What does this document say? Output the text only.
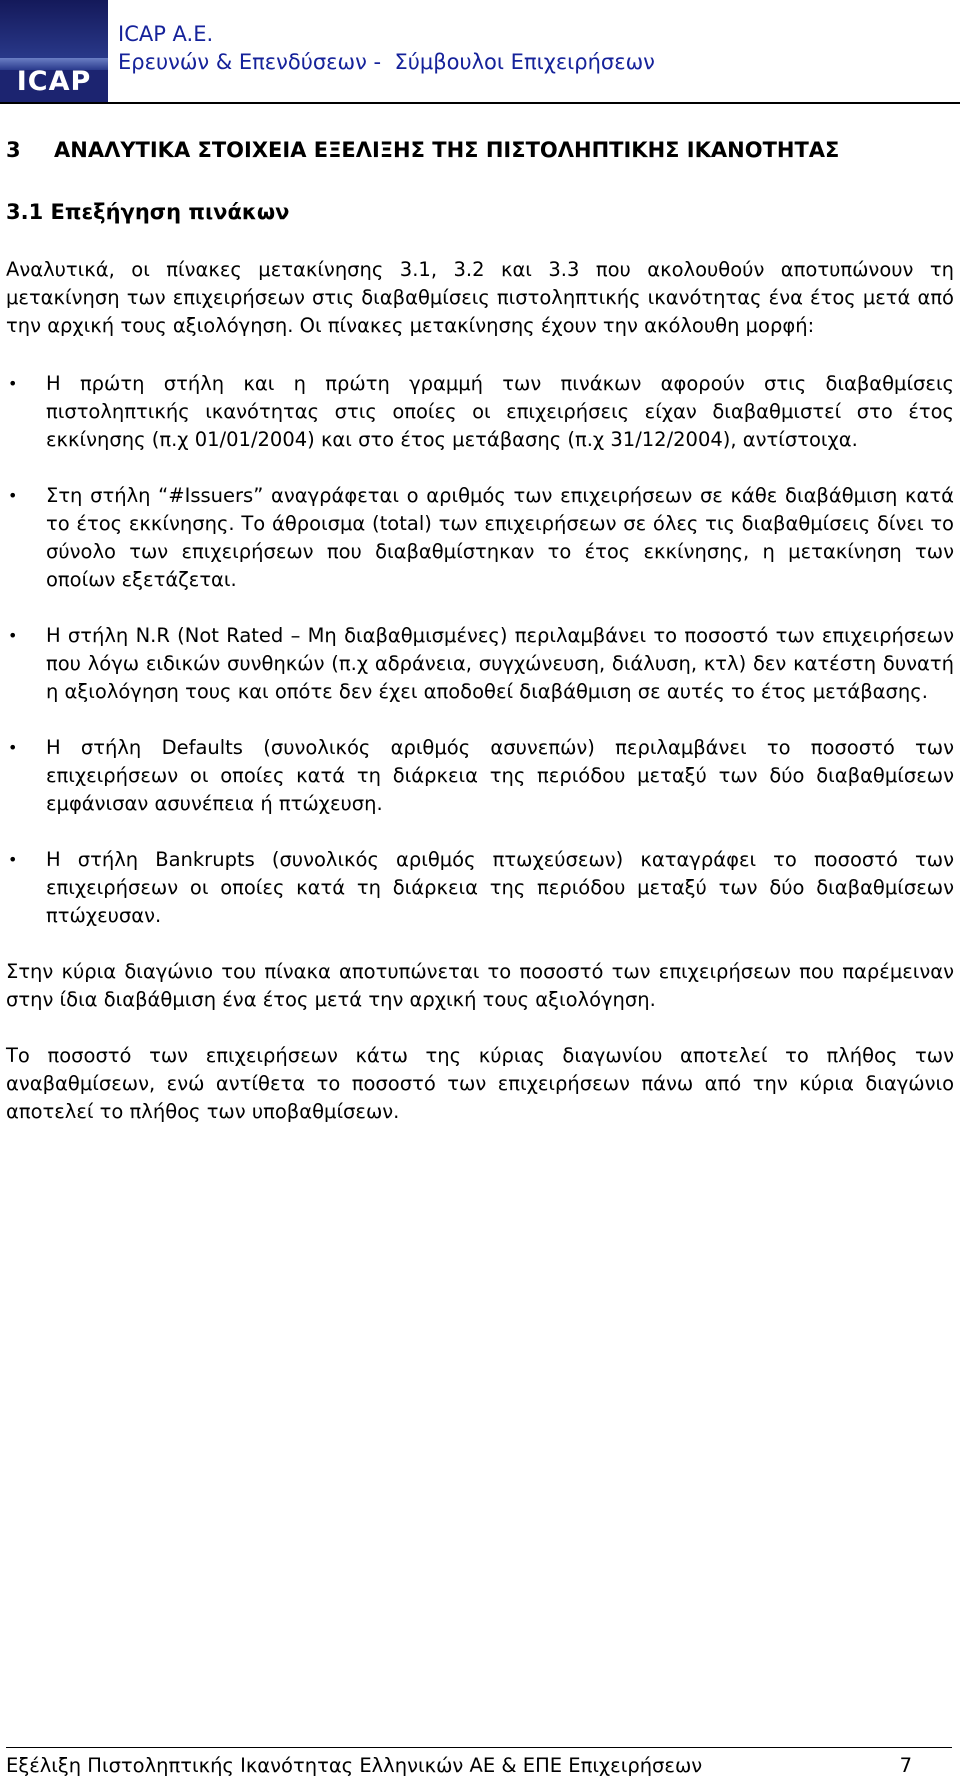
ICAP
ICAP A.E.
Ερευνών & Επενδύσεων -  Σύμβουλοι Επιχειρήσεων
3	ΑΝΑΛΥΤΙΚΑ ΣΤΟΙΧΕΙΑ ΕΞΕΛΙΞΗΣ ΤΗΣ ΠΙΣΤΟΛΗΠΤΙΚΗΣ ΙΚΑΝΟΤΗΤΑΣ
3.1 Επεξήγηση πινάκων

Αναλυτικά, οι πίνακες μετακίνησης 3.1, 3.2 και 3.3 που ακολουθούν αποτυπώνουν τη μετακίνηση των επιχειρήσεων στις διαβαθμίσεις πιστοληπτικής ικανότητας ένα έτος μετά από την αρχική τους αξιολόγηση. Οι πίνακες μετακίνησης έχουν την ακόλουθη μορφή:

•	Η πρώτη στήλη και η πρώτη γραμμή των πινάκων αφορούν στις διαβαθμίσεις πιστοληπτικής ικανότητας στις οποίες οι επιχειρήσεις είχαν διαβαθμιστεί στο έτος εκκίνησης (π.χ 01/01/2004) και στο έτος μετάβασης (π.χ 31/12/2004), αντίστοιχα.
•	Στη στήλη “#Issuers” αναγράφεται ο αριθμός των επιχειρήσεων σε κάθε διαβάθμιση κατά το έτος εκκίνησης. Το άθροισμα (total) των επιχειρήσεων σε όλες τις διαβαθμίσεις δίνει το σύνολο των επιχειρήσεων που διαβαθμίστηκαν το έτος εκκίνησης, η μετακίνηση των οποίων εξετάζεται.
•	Η στήλη N.R (Not Rated – Μη διαβαθμισμένες) περιλαμβάνει το ποσοστό των επιχειρήσεων που λόγω ειδικών συνθηκών (π.χ αδράνεια, συγχώνευση, διάλυση, κτλ) δεν κατέστη δυνατή η αξιολόγηση τους και οπότε δεν έχει αποδοθεί διαβάθμιση σε αυτές το έτος μετάβασης.
•	Η στήλη Defaults (συνολικός αριθμός ασυνεπών) περιλαμβάνει το ποσοστό των επιχειρήσεων οι οποίες κατά τη διάρκεια της περιόδου μεταξύ των δύο διαβαθμίσεων εμφάνισαν ασυνέπεια ή πτώχευση.
•	Η στήλη Bankrupts (συνολικός αριθμός πτωχεύσεων) καταγράφει το ποσοστό των επιχειρήσεων οι οποίες κατά τη διάρκεια της περιόδου μεταξύ των δύο διαβαθμίσεων πτώχευσαν.

Στην κύρια διαγώνιο του πίνακα αποτυπώνεται το ποσοστό των επιχειρήσεων που παρέμειναν στην ίδια διαβάθμιση ένα έτος μετά την αρχική τους αξιολόγηση.

Το ποσοστό των επιχειρήσεων κάτω της κύριας διαγωνίου αποτελεί το πλήθος των αναβαθμίσεων, ενώ αντίθετα το ποσοστό των επιχειρήσεων πάνω από την κύρια διαγώνιο αποτελεί το πλήθος των υποβαθμίσεων.

Εξέλιξη Πιστοληπτικής Ικανότητας Ελληνικών ΑΕ & ΕΠΕ Επιχειρήσεων	7
